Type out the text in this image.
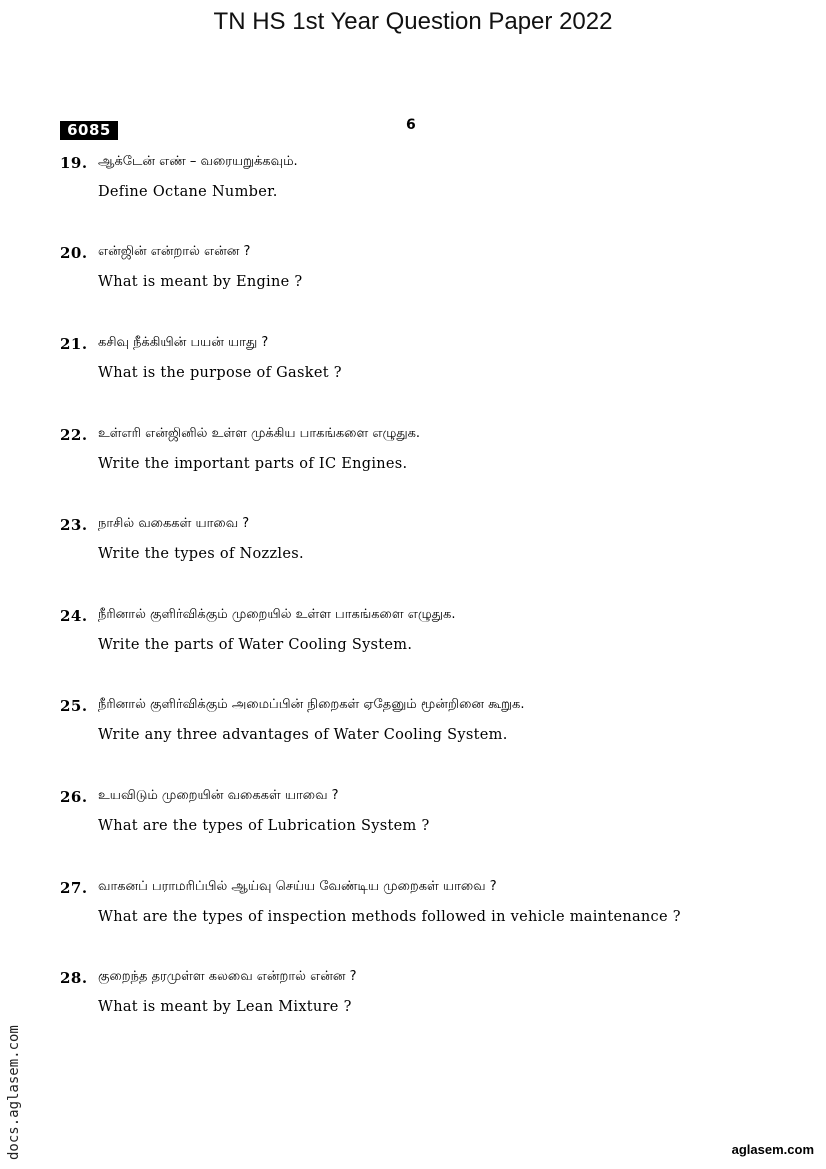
TN HS 1st Year Question Paper 2022
6085	6
19. ஆக்டேன் எண் – வரையறுக்கவும்.
Define Octane Number.
20. என்ஜின் என்றால் என்ன ?
What is meant by Engine ?
21. கசிவு நீக்கியின் பயன் யாது ?
What is the purpose of Gasket ?
22. உள்எரி என்ஜினில் உள்ள முக்கிய பாகங்களை எழுதுக.
Write the important parts of IC Engines.
23. நாசில் வகைகள் யாவை ?
Write the types of Nozzles.
24. நீரினால் குளிர்விக்கும் முறையில் உள்ள பாகங்களை எழுதுக.
Write the parts of Water Cooling System.
25. நீரினால் குளிர்விக்கும் அமைப்பின் நிறைகள் ஏதேனும் மூன்றினை கூறுக.
Write any three advantages of Water Cooling System.
26. உயவிடும் முறையின் வகைகள் யாவை ?
What are the types of Lubrication System ?
27. வாகனப் பராமரிப்பில் ஆய்வு செய்ய வேண்டிய முறைகள் யாவை ?
What are the types of inspection methods followed in vehicle maintenance ?
28. குறைந்த தரமுள்ள கலவை என்றால் என்ன ?
What is meant by Lean Mixture ?
docs.aglasem.com	aglasem.com
